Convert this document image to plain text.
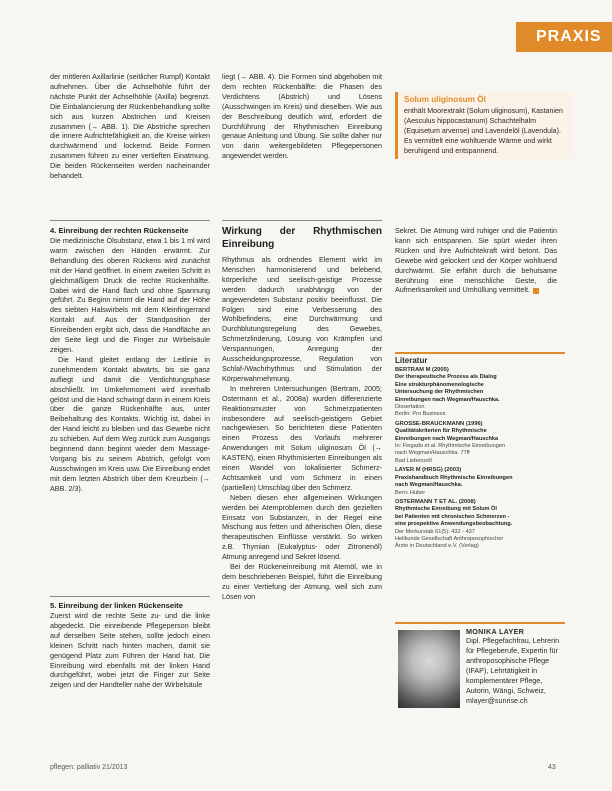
PRAXIS

der mittleren Axillarlinie (seitlicher Rumpf) Kontakt aufnehmen. Über die Achselhöhle führt der nächste Punkt der Achselhöhle (Axilla) begrenzt. Die Einbalancierung der Rückenbehandlung sollte sich aus kurzen Abstrichen und Kreisen zusammen (→ ABB. 1). Die Abstriche sprechen die innere Aufrichtefähigkeit an, die Kreise wirken durchwärmend und lockernd. Beide Formen zusammen führen zu einer vertieften Einatmung. Die beiden Rückenseiten werden nacheinander behandelt.

4. Einreibung der rechten Rückenseite

Die medizinische Ölsubstanz, etwa 1 bis 1 ml wird warm zwischen den Händen erwärmt. Zur Behandlung des oberen Rückens wird zunächst mit der Hand geöffnet. In einem zweiten Schritt in gleichmäßigem Druck die rechte Rückenhälfte. Dabei wird die Hand flach und ohne Spannung geführt. Zu Beginn nimmt die Hand auf der Höhe des siebten Halswirbels mit dem Kleinfingerrand Kontakt auf. Aus der Standposition der Einreibenden ergibt sich, dass die Handfläche an der Seite liegt und die Finger zur Wirbelsäule zeigen.

Die Hand gleitet entlang der Leitlinie in zunehmendem Kontakt abwärts, bis sie ganz aufliegt und damit die Verdichtungsphase abschließt. Im Umkehrmoment wird innerhalb gelöst und die Hand schwingt dann in einem Kreis über die ganze Rückenhälfte aus, unter Beibehaltung des Kontakts. Wichtig ist, dabei in der Hand leicht zu bleiben und das Gewebe nicht zu schieben. Auf dem Weg zurück zum Ausgangs beginnend dann beginnt wieder dem Massage-Vorgang bis zu seinem Abstrich, gefolgt vom Ausschwingen im Kreis usw. Die Einreibung endet mit dem letzten Abstrich über dem Kreuzbein (→ ABB. 2/3).

5. Einreibung der linken Rückenseite

Zuerst wird die rechte Seite zu- und die linke abgedeckt. Die einreibende Pflegeperson bleibt auf derselben Seite stehen, sollte jedoch einen kleinen Schritt nach hinten machen, damit sie genügend Platz zum Führen der Hand hat. Die Einreibung wird ebenfalls mit der linken Hand durchgeführt, wobei jetzt die Finger zur Seite zeigen und der Handteller nahe der Wirbelsäule

liegt (→ ABB. 4). Die Formen sind abgehoben mit dem rechten Rückenbälfte: die Phasen des Verdichtens (Abstrich) und Lösens (Ausschwingen im Kreis) sind dieselben. Wie aus der Beschreibung deutlich wird, erfordert die Durchführung der Rhythmischen Einreibung genaue Anleitung und Übung. Sie sollte daher nur von darin weitergebildeten Pflegepersonen angewendet werden.

Wirkung der Rhythmischen Einreibung

Rhythmus als ordnendes Element wirkt im Menschen harmonisierend und belebend, körperliche und seelisch-geistige Prozesse werden dadurch unabhängig von der angewendeten Substanz positiv beeinflusst. Die Folgen sind eine Verbesserung des Wohlbefindens, eine Durchwärmung und Durchblutungsregelung des Gewebes, Schmerzlinderung, Lösung von Krämpfen und Verspannungen, Anregung der Ausscheidungsprozesse, Regulation von Schlaf-/Wachrhythmus und Stimulation der Körperwahrnehmung.

In mehreren Untersuchungen (Bertram, 2005; Ostermann et al., 2008a) wurden differenzierte Reaktionsmuster von Schmerzpatienten insbesondere auf seelisch-geistigem Gebiet nachgewiesen. So berichteten diese Patienten einen Prozess des Vorlaufs mehrerer Anwendungen mit Solum uliginosum Öl (→ KASTEN), einen Rhythmisierten Einreibungen als einen Wandel von lokalisierter Schmerz-Achtsamkeit und vom Schmerz in einen (partiellen) Umschlag über den Schmerz.

Neben diesen eher allgemeinen Wirkungen werden bei Atemproblemen durch den gezielten Einsatz von Substanzen, in der Regel eine Mischung aus fetten und ätherischen Ölen, diese therapeutischen Einflüsse verstärkt. So wirken z.B. Thymian (Eukalyptus- oder Zitronenöl) Atmung anregend und Sekret lösend.

Bei der Rückeneinreibung mit Atemöl, wie in dem beschriebenen Beispiel, führt die Einreibung zu einer Vertiefung der Atmung, weil sich zum Lösen von

Solum uliginosum Öl
enthält Moorextrakt (Solum uliginosum), Kastanien (Aesculus hippocastanum) Schachtelhalm (Equisetum arvense) und Lavendelöl (Lavendula). Es vermittelt eine wohltuende Wärme und wirkt beruhigend und entspannend.

Sekret. Die Atmung wird ruhiger und die Patientin kann sich entspannen. Sie spürt wieder ihren Rücken und ihre Aufrichtekraft wird betont. Das Gewebe wird gelockert und der Körper wohltuend durchwärmt. Sie erfährt durch die behutsame Berührung eine menschliche Geste, die Aufmerksamkeit und Umhüllung vermittelt.

Literatur
BERTRAM M (2005)
Der therapeutische Prozess als Dialog
Eine strukturphänomenologische
Untersuchung der Rhythmischen
Einreibungen nach Wegman/Hauschka.
Dissertation
Berlin: Pro Business
GROSSE-BRAUCKMANN (1996)
Qualitätskriterien für Rhythmische
Einreibungen nach Wegman/Hauschka
In: Fingado et al. Rhythmische Einreibungen
nach Wegman/Hauschka. 77ff
Bad Liebenzell
LAYER M (HRSG) (2003)
Praxishandbuch Rhythmische Einreibungen
nach Wegman/Hauschka.
Bern: Huber
OSTERMANN T ET AL. (2008)
Rhythmische Einreibung mit Solum Öl
bei Patienten mit chronischen Schmerzen -
eine prospektive Anwendungsbeobachtung.
Der Merkurstab 61(5): 432 - 437
Heilkunde Gesellschaft Anthroposophischer
Ärzte in Deutschland e.V. (Verlag)
MONIKA LAYER
Dipl. Pflegefachfrau, Lehrerin für Pflegeberufe, Expertin für anthroposophische Pflege (IFAP), Lehrtätigkeit in komplementärer Pflege, Autorin, Wängi, Schweiz, mlayer@sunrise.ch
pflegen: palliativ 21/2013	43
